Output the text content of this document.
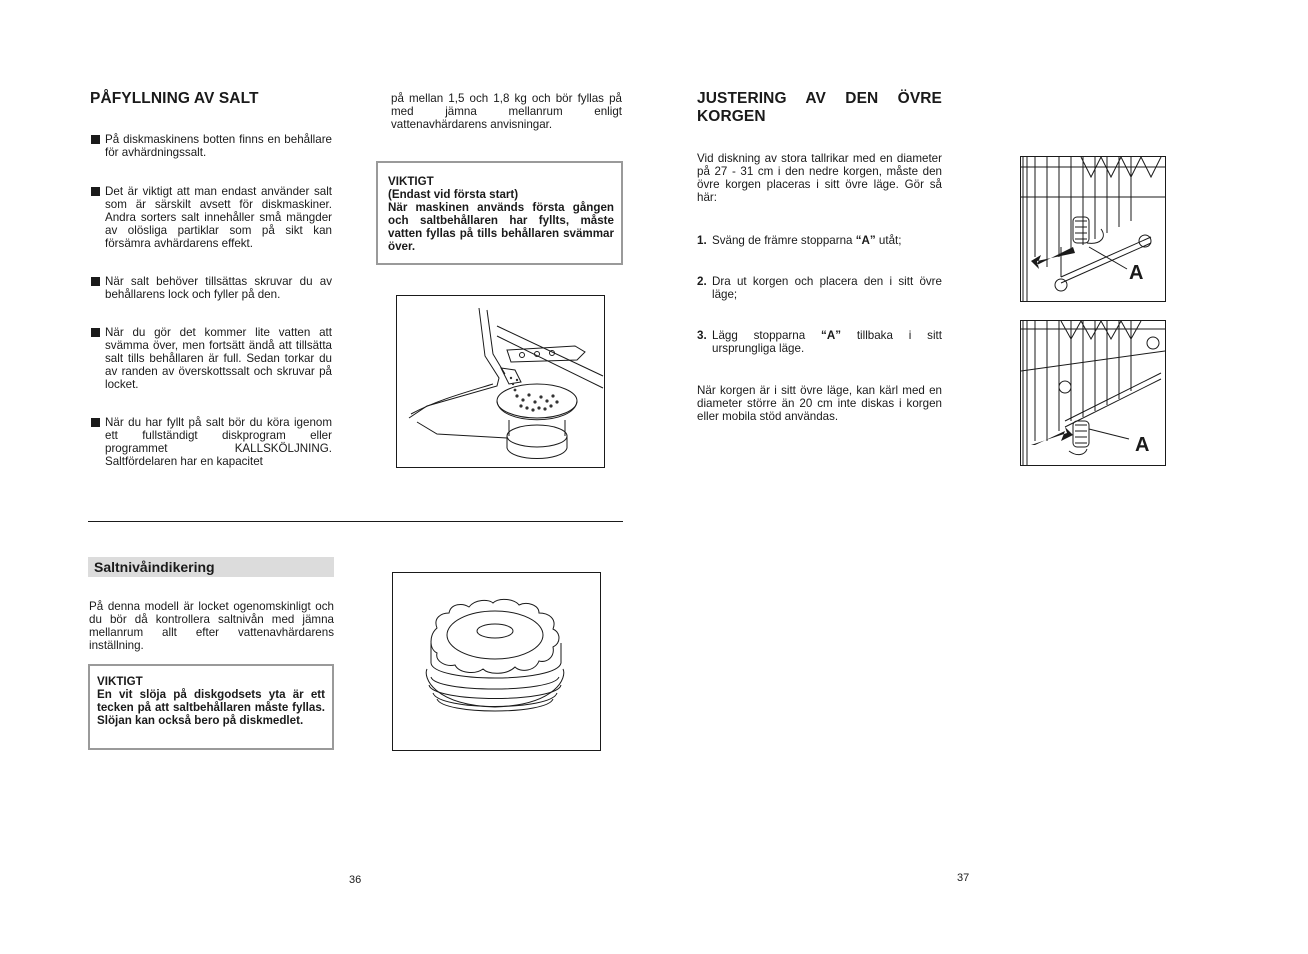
PÅFYLLNING AV SALT
På diskmaskinens botten finns en behållare för avhärdningssalt.
Det är viktigt att man endast använder salt som är särskilt avsett för diskmaskiner. Andra sorters salt innehåller små mängder av olösliga partiklar som på sikt kan försämra avhärdarens effekt.
När salt behöver tillsättas skruvar du av behållarens lock och fyller på den.
När du gör det kommer lite vatten att svämma över, men fortsätt ändå att tillsätta salt tills behållaren är full. Sedan torkar du av randen av överskottssalt och skruvar på locket.
När du har fyllt på salt bör du köra igenom ett fullständigt diskprogram eller programmet KALLSKÖLJNING. Saltfördelaren har en kapacitet
på mellan 1,5 och 1,8 kg och bör fyllas på med jämna mellanrum enligt vattenavhärdarens anvisningar.
VIKTIGT
(Endast vid första start)
När maskinen används första gången och saltbehållaren har fyllts, måste vatten fyllas på tills behållaren svämmar över.
Saltnivåindikering
På denna modell är locket ogenomskinligt och du bör då kontrollera saltnivån med jämna mellanrum allt efter vattenavhärdarens inställning.
VIKTIGT
En vit slöja på diskgodsets yta är ett tecken på att saltbehållaren måste fyllas. Slöjan kan också bero på diskmedlet.
36
JUSTERING AV DEN ÖVRE KORGEN
Vid diskning av stora tallrikar med en diameter på 27 - 31 cm i den nedre korgen, måste den övre korgen placeras i sitt övre läge. Gör så här:
1. Sväng de främre stopparna “A” utåt;
2. Dra ut korgen och placera den i sitt övre läge;
3. Lägg stopparna “A” tillbaka i sitt ursprungliga läge.
När korgen är i sitt övre läge, kan kärl med en diameter större än 20 cm inte diskas i korgen eller mobila stöd användas.
A
A
37
